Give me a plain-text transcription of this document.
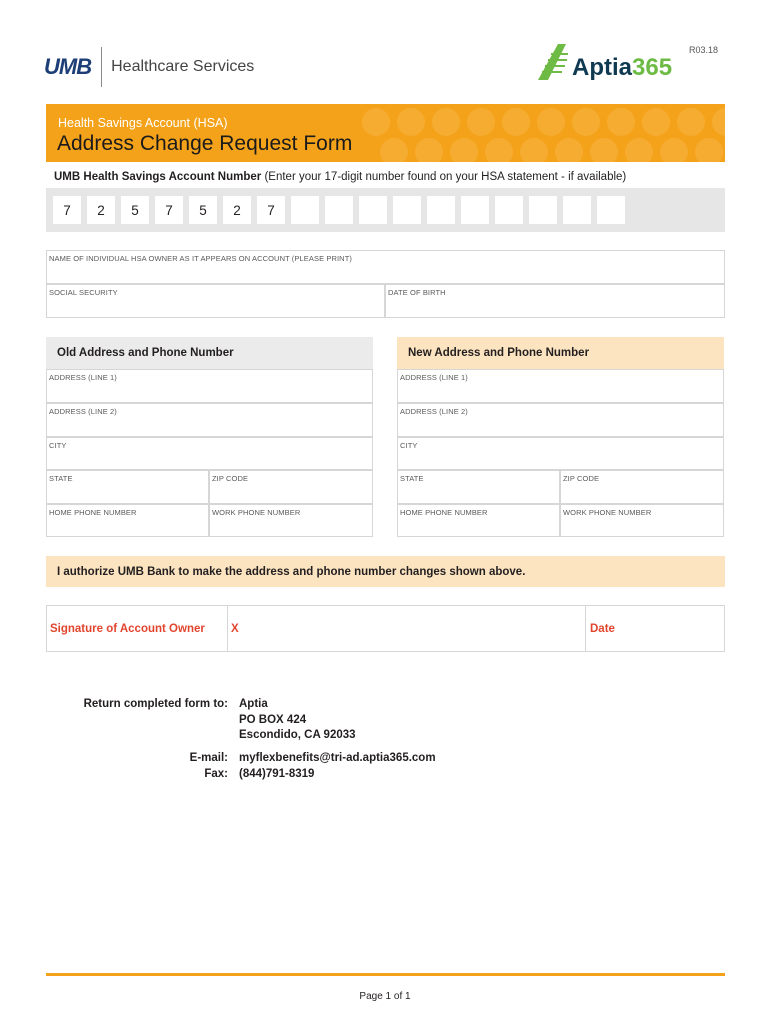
R03.18
UMB Healthcare Services	Aptia365
Health Savings Account (HSA)
Address Change Request Form
UMB Health Savings Account Number (Enter your 17-digit number found on your HSA statement - if available)
7	2	5	7	5	2	7
NAME OF INDIVIDUAL HSA OWNER AS IT APPEARS ON ACCOUNT (PLEASE PRINT)
SOCIAL SECURITY	DATE OF BIRTH
Old Address and Phone Number
ADDRESS (LINE 1)
ADDRESS (LINE 2)
CITY
STATE	ZIP CODE
HOME PHONE NUMBER	WORK PHONE NUMBER
New Address and Phone Number
ADDRESS (LINE 1)
ADDRESS (LINE 2)
CITY
STATE	ZIP CODE
HOME PHONE NUMBER	WORK PHONE NUMBER
I authorize UMB Bank to make the address and phone number changes shown above.
Signature of Account Owner X	Date
Return completed form to: Aptia
PO BOX 424
Escondido, CA 92033
E-mail: myflexbenefits@tri-ad.aptia365.com
Fax: (844)791-8319
Page 1 of 1
